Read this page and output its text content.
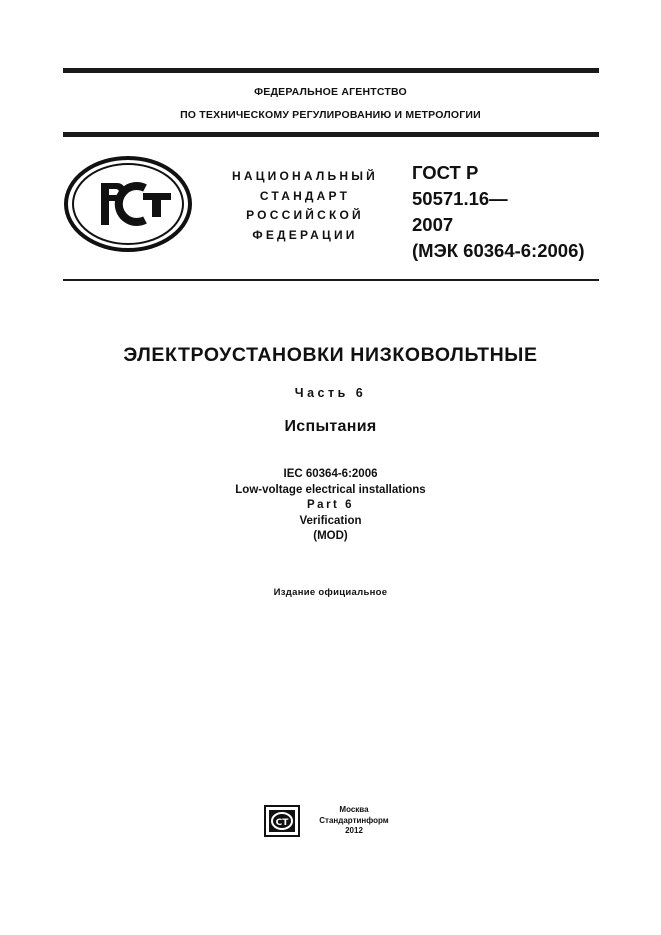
ФЕДЕРАЛЬНОЕ АГЕНТСТВО
ПО ТЕХНИЧЕСКОМУ РЕГУЛИРОВАНИЮ И МЕТРОЛОГИИ
НАЦИОНАЛЬНЫЙ
СТАНДАРТ
РОССИЙСКОЙ
ФЕДЕРАЦИИ
ГОСТ Р
50571.16—
2007
(МЭК 60364-6:2006)
ЭЛЕКТРОУСТАНОВКИ НИЗКОВОЛЬТНЫЕ
Часть 6
Испытания
IEC 60364-6:2006
Low-voltage electrical installations
Part 6
Verification
(MOD)
Издание официальное
СТ
Москва
Стандартинформ
2012
